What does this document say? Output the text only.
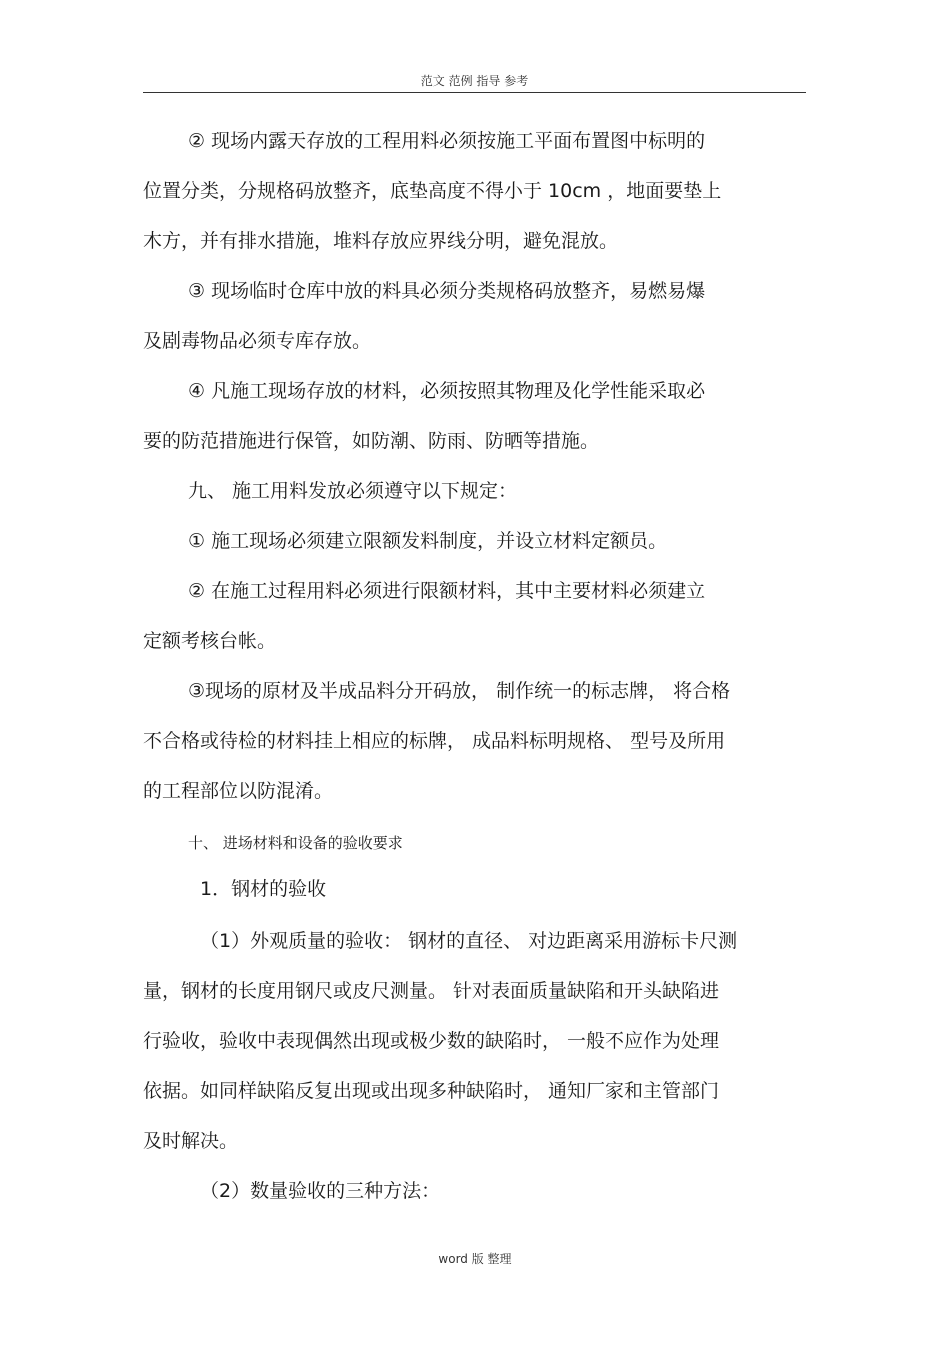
范文 范例 指导 参考
② 现场内露天存放的工程用料必须按施工平面布置图中标明的
位置分类，分规格码放整齐，底垫高度不得小于 10cm ，地面要垫上
木方，并有排水措施，堆料存放应界线分明，避免混放。
③ 现场临时仓库中放的料具必须分类规格码放整齐，易燃易爆
及剧毒物品必须专库存放。
④ 凡施工现场存放的材料，必须按照其物理及化学性能采取必
要的防范措施进行保管，如防潮、防雨、防晒等措施。
九、 施工用料发放必须遵守以下规定：
① 施工现场必须建立限额发料制度，并设立材料定额员。
② 在施工过程用料必须进行限额材料，其中主要材料必须建立
定额考核台帐。
③现场的原材及半成品料分开码放， 制作统一的标志牌， 将合格
不合格或待检的材料挂上相应的标牌， 成品料标明规格、 型号及所用
的工程部位以防混淆。
十、 进场材料和设备的验收要求
1．钢材的验收
（1）外观质量的验收： 钢材的直径、 对边距离采用游标卡尺测
量，钢材的长度用钢尺或皮尺测量。 针对表面质量缺陷和开头缺陷进
行验收，验收中表现偶然出现或极少数的缺陷时， 一般不应作为处理
依据。如同样缺陷反复出现或出现多种缺陷时， 通知厂家和主管部门
及时解决。
（2）数量验收的三种方法：
word 版 整理
